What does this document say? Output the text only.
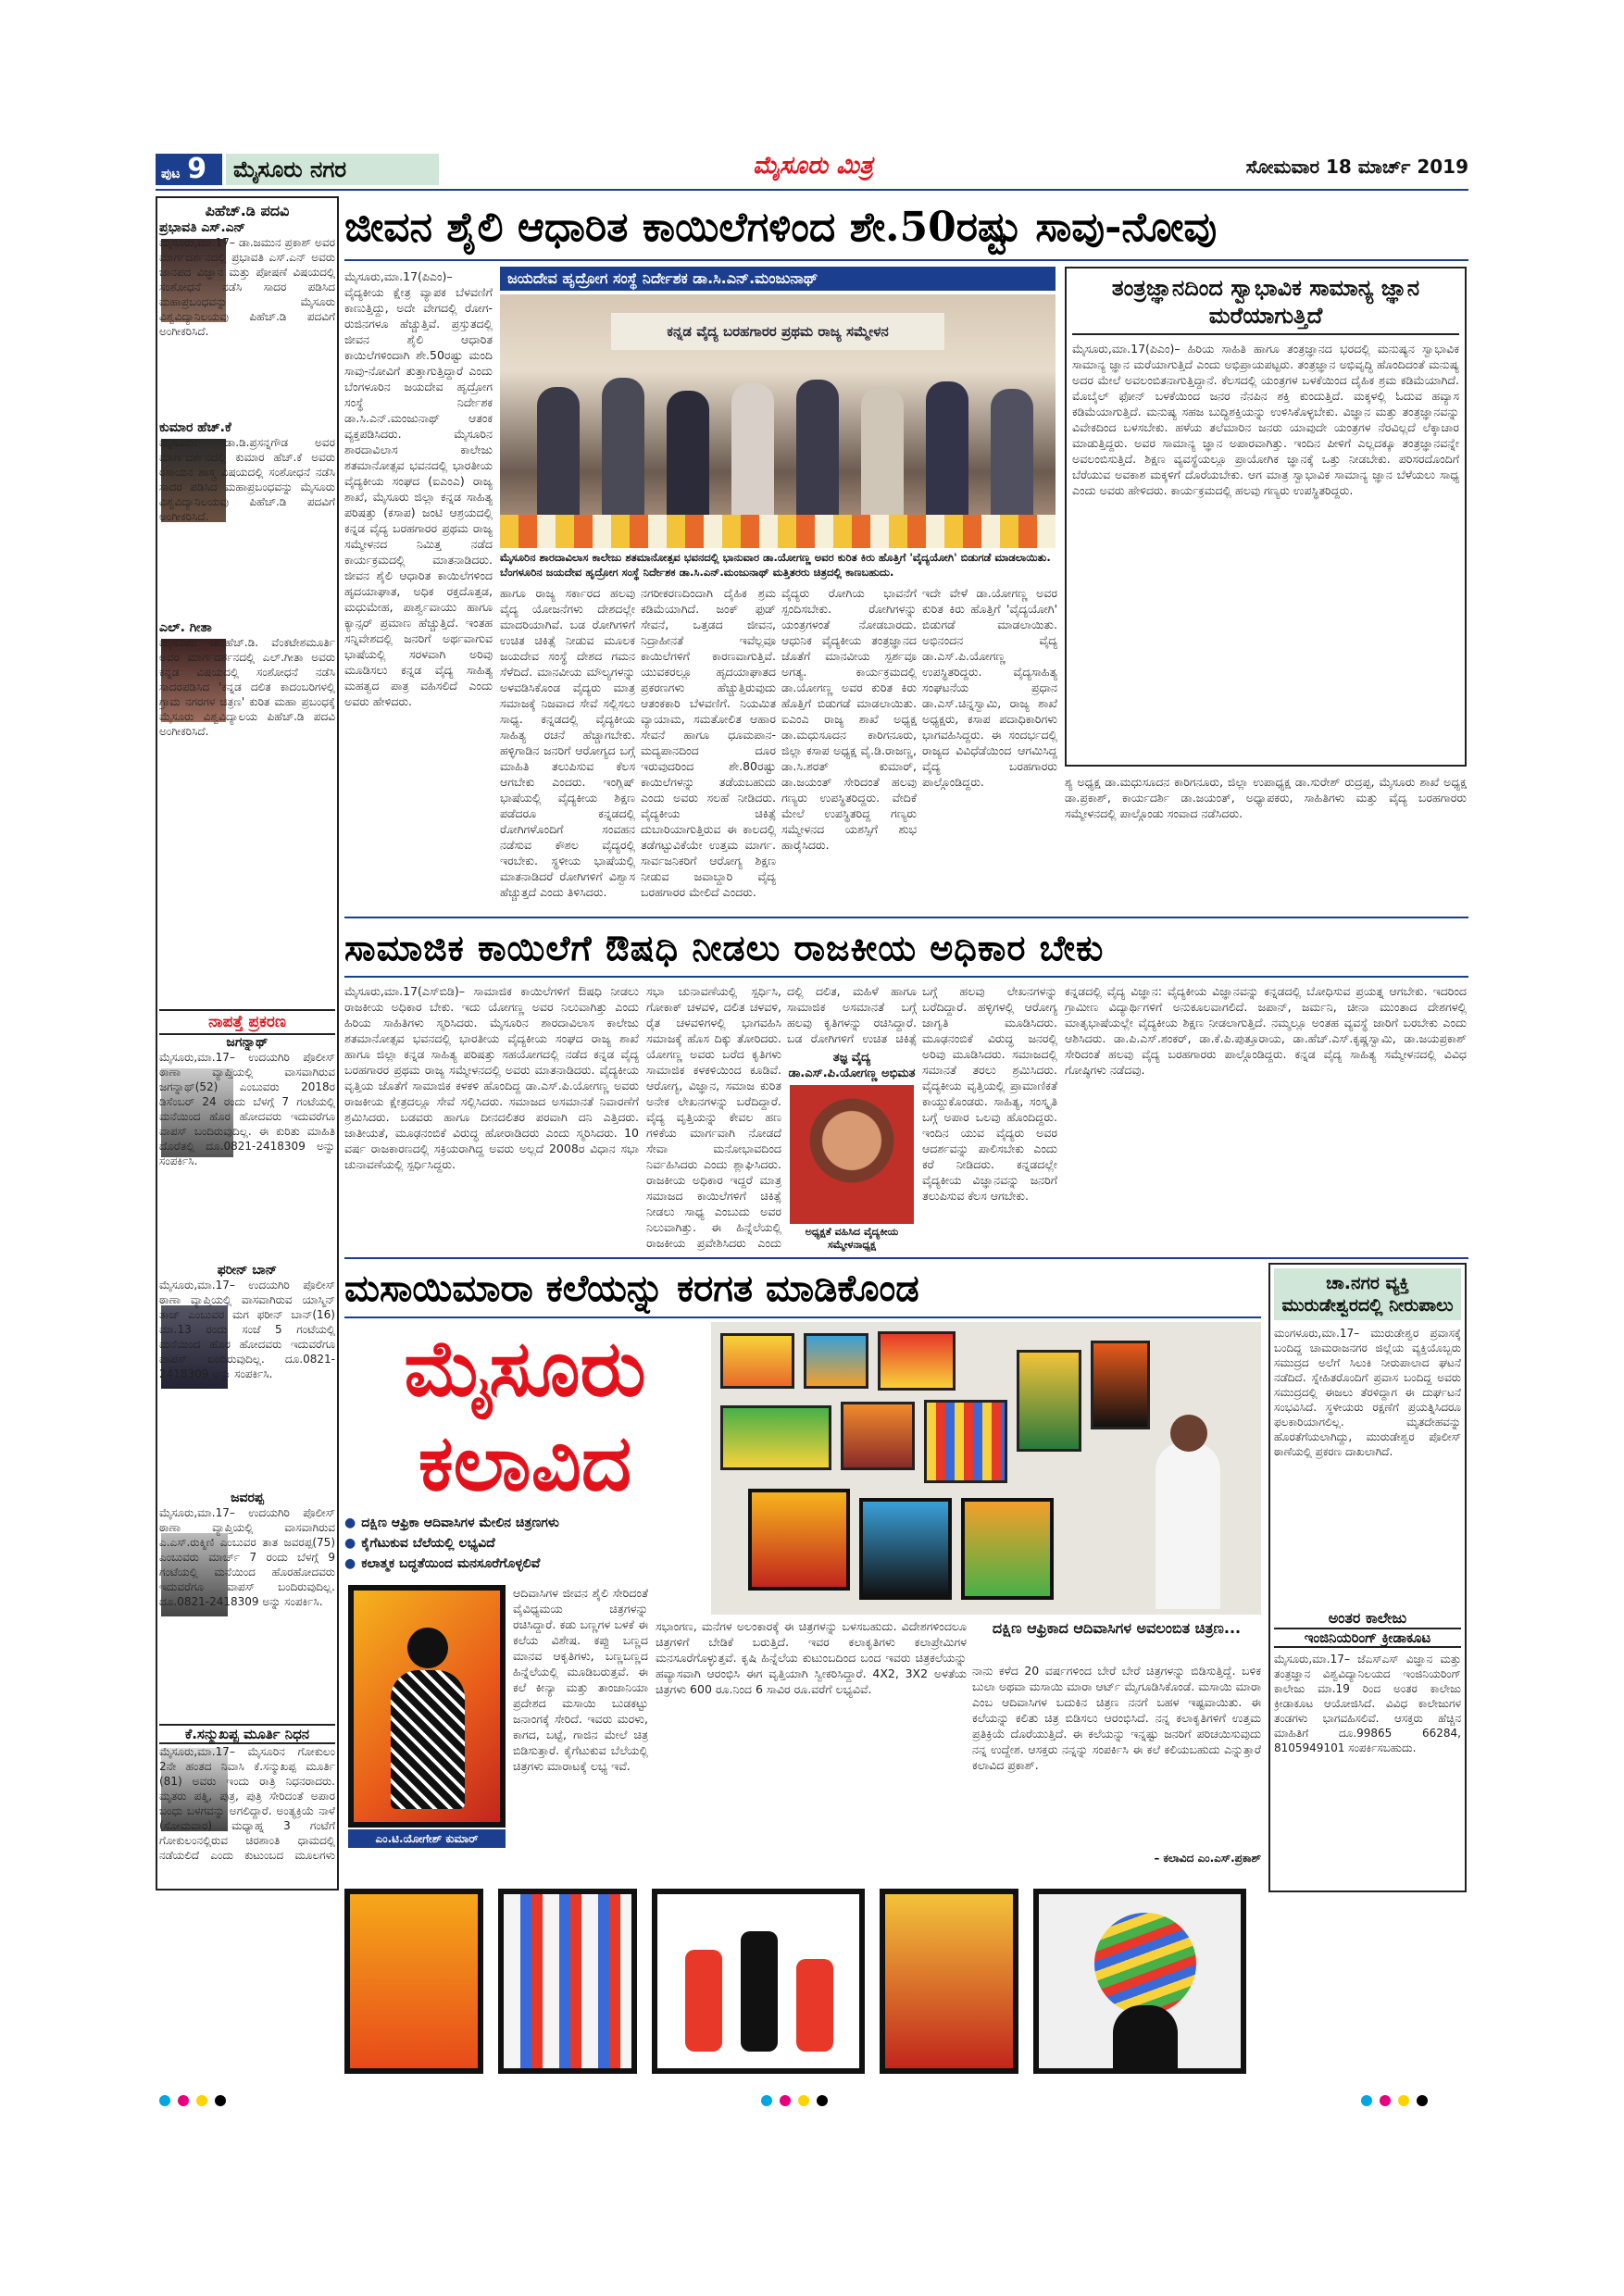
ಪುಟ 9	ಮೈಸೂರು ನಗರ	ಮೈಸೂರು ಮಿತ್ರ	ಸೋಮವಾರ 18 ಮಾರ್ಚ್ 2019
ಪಿಹೆಚ್.ಡಿ ಪದವಿ
ಪ್ರಭಾವತಿ ಎಸ್.ಎನ್
ಮೈಸೂರು,ಮಾ.17– ಡಾ.ಜಮುನ ಪ್ರಕಾಶ್ ಅವರ ಮಾರ್ಗದರ್ಶನದಲ್ಲಿ ಪ್ರಭಾವತಿ ಎಸ್.ಎನ್ ಅವರು ಜಾನಪದ ವಿಜ್ಞಾನ ಮತ್ತು ಪೋಷಣೆ ವಿಷಯದಲ್ಲಿ ಸಂಶೋಧನೆ ನಡೆಸಿ ಸಾದರ ಪಡಿಸಿದ ಮಹಾಪ್ರಬಂಧವನ್ನು ಮೈಸೂರು ವಿಶ್ವವಿದ್ಯಾನಿಲಯವು ಪಿಹೆಚ್.ಡಿ ಪದವಿಗೆ ಅಂಗೀಕರಿಸಿದೆ.
ಕುಮಾರ ಹೆಚ್.ಕೆ
ಮೈಸೂರು: ಡಾ.ಡಿ.ಪ್ರಸನ್ನಗೌಡ ಅವರ ಮಾರ್ಗದರ್ಶನದಲ್ಲಿ ಕುಮಾರ ಹೆಚ್.ಕೆ ಅವರು ರಸಾಯನ ಶಾಸ್ತ್ರ ವಿಷಯದಲ್ಲಿ ಸಂಶೋಧನೆ ನಡೆಸಿ ಸಾದರ ಪಡಿಸಿದ ಮಹಾಪ್ರಬಂಧವನ್ನು ಮೈಸೂರು ವಿಶ್ವವಿದ್ಯಾನಿಲಯವು ಪಿಹೆಚ್.ಡಿ ಪದವಿಗೆ ಅಂಗೀಕರಿಸಿದೆ.
ಎಲ್. ಗೀತಾ
ಮೈಸೂರು: ಡಾ.ಹೆಚ್.ಡಿ. ವೆಂಕಟೇಶಮೂರ್ತಿ ಅವರ ಮಾರ್ಗದರ್ಶನದಲ್ಲಿ ಎಲ್.ಗೀತಾ ಅವರು ಕನ್ನಡ ವಿಷಯದಲ್ಲಿ ಸಂಶೋಧನೆ ನಡೆಸಿ ಸಾದರಪಡಿಸಿದ 'ಕನ್ನಡ ದಲಿತ ಕಾದಂಬರಿಗಳಲ್ಲಿ ಗ್ರಾಮ ನಗರಗಳ ಚಿತ್ರಣ' ಕುರಿತ ಮಹಾ ಪ್ರಬಂಧಕ್ಕೆ ಮೈಸೂರು ವಿಶ್ವವಿದ್ಯಾಲಯ ಪಿಹೆಚ್.ಡಿ ಪದವಿ ಅಂಗೀಕರಿಸಿದೆ.
ನಾಪತ್ತೆ ಪ್ರಕರಣ
ಜಗನ್ನಾಥ್
ಮೈಸೂರು,ಮಾ.17– ಉದಯಗಿರಿ ಪೊಲೀಸ್ ಠಾಣಾ ವ್ಯಾಪ್ತಿಯಲ್ಲಿ ವಾಸವಾಗಿರುವ ಜಗನ್ನಾಥ್(52) ಎಂಬುವರು 2018ರ ಡಿಸೆಂಬರ್ 24 ರಂದು ಬೆಳಗ್ಗೆ 7 ಗಂಟೆಯಲ್ಲಿ ಮನೆಯಿಂದ ಹೊರ ಹೋದವರು ಇದುವರೆಗೂ ವಾಪಸ್ ಬಂದಿರುವುದಿಲ್ಲ. ಈ ಕುರಿತು ಮಾಹಿತಿ ದೊರೆತಲ್ಲಿ ದೂ.0821-2418309 ಅನ್ನು ಸಂಪರ್ಕಿಸಿ.
ಫರೀನ್ ಬಾನ್
ಮೈಸೂರು,ಮಾ.17– ಉದಯಗಿರಿ ಪೊಲೀಸ್ ಠಾಣಾ ವ್ಯಾಪ್ತಿಯಲ್ಲಿ ವಾಸವಾಗಿರುವ ಯಾಸ್ಮಿನ್ ತಾಜ್ ಎಂಬುವರ ಮಗ ಫರೀನ್ ಬಾನ್(16) ಮಾ.13 ರಂದು ಸಂಜೆ 5 ಗಂಟೆಯಲ್ಲಿ ಮನೆಯಿಂದ ಹೊರ ಹೋದವರು ಇದುವರೆಗೂ ವಾಪಸ್ ಬಂದಿರುವುದಿಲ್ಲ. ದೂ.0821-2418309 ಅನ್ನು ಸಂಪರ್ಕಿಸಿ.
ಜವರಪ್ಪ
ಮೈಸೂರು,ಮಾ.17– ಉದಯಗಿರಿ ಪೊಲೀಸ್ ಠಾಣಾ ವ್ಯಾಪ್ತಿಯಲ್ಲಿ ವಾಸವಾಗಿರುವ ಎ.ಎಸ್.ರುಕ್ಮಿಣಿ ಎಂಬುವರ ತಾತ ಜವರಪ್ಪ(75) ಎಂಬುವರು ಮಾರ್ಚ್ 7 ರಂದು ಬೆಳಗ್ಗೆ 9 ಗಂಟೆಯಲ್ಲಿ ಮನೆಯಿಂದ ಹೊರಹೋದವರು ಇದುವರೆಗೂ ವಾಪಸ್ ಬಂದಿರುವುದಿಲ್ಲ. ದೂ.0821-2418309 ಅನ್ನು ಸಂಪರ್ಕಿಸಿ.
ಕೆ.ಸನ್ಮುಖಪ್ಪ ಮೂರ್ತಿ ನಿಧನ
ಮೈಸೂರು,ಮಾ.17– ಮೈಸೂರಿನ ಗೋಕುಲಂ 2ನೇ ಹಂತದ ನಿವಾಸಿ ಕೆ.ಸನ್ಮುಖಪ್ಪ ಮೂರ್ತಿ (81) ಅವರು ಇಂದು ರಾತ್ರಿ ನಿಧನರಾದರು. ಮೃತರು ಪತ್ನಿ, ಪುತ್ರ, ಪುತ್ರಿ ಸೇರಿದಂತೆ ಅಪಾರ ಬಂಧು ಬಳಗವನ್ನು ಅಗಲಿದ್ದಾರೆ. ಅಂತ್ಯಕ್ರಿಯೆ ನಾಳೆ (ಸೋಮವಾರ) ಮಧ್ಯಾಹ್ನ 3 ಗಂಟೆಗೆ ಗೋಕುಲಂನಲ್ಲಿರುವ ಚಿರಶಾಂತಿ ಧಾಮದಲ್ಲಿ ನಡೆಯಲಿದೆ ಎಂದು ಕುಟುಂಬದ ಮೂಲಗಳು
ಜೀವನ ಶೈಲಿ ಆಧಾರಿತ ಕಾಯಿಲೆಗಳಿಂದ ಶೇ.50ರಷ್ಟು ಸಾವು-ನೋವು
ಮೈಸೂರು,ಮಾ.17(ಪಿಎಂ)– ವೈದ್ಯಕೀಯ ಕ್ಷೇತ್ರ ವ್ಯಾಪಕ ಬೆಳವಣಿಗೆ ಕಾಣುತ್ತಿದ್ದು, ಅದೇ ವೇಗದಲ್ಲಿ ರೋಗ-ರುಜಿನಗಳೂ ಹೆಚ್ಚುತ್ತಿವೆ. ಪ್ರಸ್ತುತದಲ್ಲಿ ಜೀವನ ಶೈಲಿ ಆಧಾರಿತ ಕಾಯಿಲೆಗಳಿಂದಾಗಿ ಶೇ.50ರಷ್ಟು ಮಂದಿ ಸಾವು-ನೋವಿಗೆ ತುತ್ತಾಗುತ್ತಿದ್ದಾರೆ ಎಂದು ಬೆಂಗಳೂರಿನ ಜಯದೇವ ಹೃದ್ರೋಗ ಸಂಸ್ಥೆ ನಿರ್ದೇಶಕ ಡಾ.ಸಿ.ಎನ್.ಮಂಜುನಾಥ್ ಆತಂಕ ವ್ಯಕ್ತಪಡಿಸಿದರು. ಮೈಸೂರಿನ ಶಾರದಾವಿಲಾಸ ಕಾಲೇಜು ಶತಮಾನೋತ್ಸವ ಭವನದಲ್ಲಿ ಭಾರತೀಯ ವೈದ್ಯಕೀಯ ಸಂಘದ (ಐಎಂಎ) ರಾಜ್ಯ ಶಾಖೆ, ಮೈಸೂರು ಜಿಲ್ಲಾ ಕನ್ನಡ ಸಾಹಿತ್ಯ ಪರಿಷತ್ತು (ಕಸಾಪ) ಜಂಟಿ ಆಶ್ರಯದಲ್ಲಿ ಕನ್ನಡ ವೈದ್ಯ ಬರಹಗಾರರ ಪ್ರಥಮ ರಾಜ್ಯ ಸಮ್ಮೇಳನದ ನಿಮಿತ್ತ ನಡೆದ ಕಾರ್ಯಕ್ರಮದಲ್ಲಿ ಮಾತನಾಡಿದರು. ಜೀವನ ಶೈಲಿ ಆಧಾರಿತ ಕಾಯಿಲೆಗಳಿಂದ ಹೃದಯಾಘಾತ, ಅಧಿಕ ರಕ್ತದೊತ್ತಡ, ಮಧುಮೇಹ, ಪಾರ್ಶ್ವವಾಯು ಹಾಗೂ ಕ್ಯಾನ್ಸರ್ ಪ್ರಮಾಣ ಹೆಚ್ಚುತ್ತಿದೆ. ಇಂತಹ ಸನ್ನಿವೇಶದಲ್ಲಿ ಜನರಿಗೆ ಅರ್ಥವಾಗುವ ಭಾಷೆಯಲ್ಲಿ ಸರಳವಾಗಿ ಅರಿವು ಮೂಡಿಸಲು ಕನ್ನಡ ವೈದ್ಯ ಸಾಹಿತ್ಯ ಮಹತ್ವದ ಪಾತ್ರ ವಹಿಸಲಿದೆ ಎಂದು ಅವರು ಹೇಳಿದರು.
ಜಯದೇವ ಹೃದ್ರೋಗ ಸಂಸ್ಥೆ ನಿರ್ದೇಶಕ ಡಾ.ಸಿ.ಎನ್.ಮಂಜುನಾಥ್
ಕನ್ನಡ ವೈದ್ಯ ಬರಹಗಾರರ ಪ್ರಥಮ ರಾಜ್ಯ ಸಮ್ಮೇಳನ
ಮೈಸೂರಿನ ಶಾರದಾವಿಲಾಸ ಕಾಲೇಜು ಶತಮಾನೋತ್ಸವ ಭವನದಲ್ಲಿ ಭಾನುವಾರ ಡಾ.ಯೋಗಣ್ಣ ಅವರ ಕುರಿತ ಕಿರು ಹೊತ್ತಿಗೆ 'ವೈದ್ಯಯೋಗಿ' ಬಿಡುಗಡೆ ಮಾಡಲಾಯಿತು. ಬೆಂಗಳೂರಿನ ಜಯದೇವ ಹೃದ್ರೋಗ ಸಂಸ್ಥೆ ನಿರ್ದೇಶಕ ಡಾ.ಸಿ.ಎನ್.ಮಂಜುನಾಥ್ ಮತ್ತಿತರರು ಚಿತ್ರದಲ್ಲಿ ಕಾಣಬಹುದು.
ಹಾಗೂ ರಾಜ್ಯ ಸರ್ಕಾರದ ಹಲವು ವೈದ್ಯ ಯೋಜನೆಗಳು ದೇಶದಲ್ಲೇ ಮಾದರಿಯಾಗಿವೆ. ಬಡ ರೋಗಿಗಳಿಗೆ ಉಚಿತ ಚಿಕಿತ್ಸೆ ನೀಡುವ ಮೂಲಕ ಜಯದೇವ ಸಂಸ್ಥೆ ದೇಶದ ಗಮನ ಸೆಳೆದಿದೆ. ಮಾನವೀಯ ಮೌಲ್ಯಗಳನ್ನು ಅಳವಡಿಸಿಕೊಂಡ ವೈದ್ಯರು ಮಾತ್ರ ಸಮಾಜಕ್ಕೆ ನಿಜವಾದ ಸೇವೆ ಸಲ್ಲಿಸಲು ಸಾಧ್ಯ. ಕನ್ನಡದಲ್ಲಿ ವೈದ್ಯಕೀಯ ಸಾಹಿತ್ಯ ರಚನೆ ಹೆಚ್ಚಾಗಬೇಕು. ಹಳ್ಳಿಗಾಡಿನ ಜನರಿಗೆ ಆರೋಗ್ಯದ ಬಗ್ಗೆ ಮಾಹಿತಿ ತಲುಪಿಸುವ ಕೆಲಸ ಆಗಬೇಕು ಎಂದರು. ಇಂಗ್ಲಿಷ್ ಭಾಷೆಯಲ್ಲಿ ವೈದ್ಯಕೀಯ ಶಿಕ್ಷಣ ಪಡೆದರೂ ಕನ್ನಡದಲ್ಲಿ ರೋಗಿಗಳೊಂದಿಗೆ ಸಂವಹನ ನಡೆಸುವ ಕೌಶಲ ವೈದ್ಯರಲ್ಲಿ ಇರಬೇಕು. ಸ್ಥಳೀಯ ಭಾಷೆಯಲ್ಲಿ ಮಾತನಾಡಿದರೆ ರೋಗಿಗಳಿಗೆ ವಿಶ್ವಾಸ ಹೆಚ್ಚುತ್ತದೆ ಎಂದು ತಿಳಿಸಿದರು.
ನಗರೀಕರಣದಿಂದಾಗಿ ದೈಹಿಕ ಶ್ರಮ ಕಡಿಮೆಯಾಗಿದೆ. ಜಂಕ್ ಫುಡ್ ಸೇವನೆ, ಒತ್ತಡದ ಜೀವನ, ನಿದ್ರಾಹೀನತೆ ಇವೆಲ್ಲವೂ ಕಾಯಿಲೆಗಳಿಗೆ ಕಾರಣವಾಗುತ್ತಿವೆ. ಯುವಕರಲ್ಲೂ ಹೃದಯಾಘಾತದ ಪ್ರಕರಣಗಳು ಹೆಚ್ಚುತ್ತಿರುವುದು ಆತಂಕಕಾರಿ ಬೆಳವಣಿಗೆ. ನಿಯಮಿತ ವ್ಯಾಯಾಮ, ಸಮತೋಲಿತ ಆಹಾರ ಸೇವನೆ ಹಾಗೂ ಧೂಮಪಾನ-ಮದ್ಯಪಾನದಿಂದ ದೂರ ಇರುವುದರಿಂದ ಶೇ.80ರಷ್ಟು ಕಾಯಿಲೆಗಳನ್ನು ತಡೆಯಬಹುದು ಎಂದು ಅವರು ಸಲಹೆ ನೀಡಿದರು. ವೈದ್ಯಕೀಯ ಚಿಕಿತ್ಸೆ ದುಬಾರಿಯಾಗುತ್ತಿರುವ ಈ ಕಾಲದಲ್ಲಿ ತಡೆಗಟ್ಟುವಿಕೆಯೇ ಉತ್ತಮ ಮಾರ್ಗ. ಸಾರ್ವಜನಿಕರಿಗೆ ಆರೋಗ್ಯ ಶಿಕ್ಷಣ ನೀಡುವ ಜವಾಬ್ದಾರಿ ವೈದ್ಯ ಬರಹಗಾರರ ಮೇಲಿದೆ ಎಂದರು.
ವೈದ್ಯರು ರೋಗಿಯ ಭಾವನೆಗೆ ಸ್ಪಂದಿಸಬೇಕು. ರೋಗಿಗಳನ್ನು ಯಂತ್ರಗಳಂತೆ ನೋಡಬಾರದು. ಆಧುನಿಕ ವೈದ್ಯಕೀಯ ತಂತ್ರಜ್ಞಾನದ ಜೊತೆಗೆ ಮಾನವೀಯ ಸ್ಪರ್ಶವೂ ಅಗತ್ಯ. ಕಾರ್ಯಕ್ರಮದಲ್ಲಿ ಡಾ.ಯೋಗಣ್ಣ ಅವರ ಕುರಿತ ಕಿರು ಹೊತ್ತಿಗೆ ಬಿಡುಗಡೆ ಮಾಡಲಾಯಿತು. ಐಎಂಎ ರಾಜ್ಯ ಶಾಖೆ ಅಧ್ಯಕ್ಷ ಡಾ.ಮಧುಸೂದನ ಕಾರಿಗನೂರು, ಜಿಲ್ಲಾ ಕಸಾಪ ಅಧ್ಯಕ್ಷ ವೈ.ಡಿ.ರಾಜಣ್ಣ, ಡಾ.ಸಿ.ಶರತ್ ಕುಮಾರ್, ಡಾ.ಜಯಂತ್ ಸೇರಿದಂತೆ ಹಲವು ಗಣ್ಯರು ಉಪಸ್ಥಿತರಿದ್ದರು. ವೇದಿಕೆ ಮೇಲೆ ಉಪಸ್ಥಿತರಿದ್ದ ಗಣ್ಯರು ಸಮ್ಮೇಳನದ ಯಶಸ್ಸಿಗೆ ಶುಭ ಹಾರೈಸಿದರು.
ಇದೇ ವೇಳೆ ಡಾ.ಯೋಗಣ್ಣ ಅವರ ಕುರಿತ ಕಿರು ಹೊತ್ತಿಗೆ 'ವೈದ್ಯಯೋಗಿ' ಬಿಡುಗಡೆ ಮಾಡಲಾಯಿತು. ಅಭಿನಂದನ ವೈದ್ಯ ಡಾ.ಎಸ್.ಪಿ.ಯೋಗಣ್ಣ ಉಪಸ್ಥಿತರಿದ್ದರು. ವೈದ್ಯಸಾಹಿತ್ಯ ಸಂಘಟನೆಯ ಪ್ರಧಾನ ಡಾ.ಎಸ್.ಚಿನ್ನಸ್ವಾಮಿ, ರಾಜ್ಯ ಶಾಖೆ ಅಧ್ಯಕ್ಷರು, ಕಸಾಪ ಪದಾಧಿಕಾರಿಗಳು ಭಾಗವಹಿಸಿದ್ದರು. ಈ ಸಂದರ್ಭದಲ್ಲಿ ರಾಜ್ಯದ ವಿವಿಧೆಡೆಯಿಂದ ಆಗಮಿಸಿದ್ದ ವೈದ್ಯ ಬರಹಗಾರರು ಪಾಲ್ಗೊಂಡಿದ್ದರು.
ತಂತ್ರಜ್ಞಾನದಿಂದ ಸ್ವಾಭಾವಿಕ ಸಾಮಾನ್ಯ ಜ್ಞಾನ ಮರೆಯಾಗುತ್ತಿದೆ
ಮೈಸೂರು,ಮಾ.17(ಪಿಎಂ)– ಹಿರಿಯ ಸಾಹಿತಿ ಹಾಗೂ ತಂತ್ರಜ್ಞಾನದ ಭರದಲ್ಲಿ ಮನುಷ್ಯನ ಸ್ವಾಭಾವಿಕ ಸಾಮಾನ್ಯ ಜ್ಞಾನ ಮರೆಯಾಗುತ್ತಿದೆ ಎಂದು ಅಭಿಪ್ರಾಯಪಟ್ಟರು. ತಂತ್ರಜ್ಞಾನ ಅಭಿವೃದ್ಧಿ ಹೊಂದಿದಂತೆ ಮನುಷ್ಯ ಅದರ ಮೇಲೆ ಅವಲಂಬಿತನಾಗುತ್ತಿದ್ದಾನೆ. ಕೆಲಸದಲ್ಲಿ ಯಂತ್ರಗಳ ಬಳಕೆಯಿಂದ ದೈಹಿಕ ಶ್ರಮ ಕಡಿಮೆಯಾಗಿದೆ. ಮೊಬೈಲ್ ಫೋನ್ ಬಳಕೆಯಿಂದ ಜನರ ನೆನಪಿನ ಶಕ್ತಿ ಕುಂದುತ್ತಿದೆ. ಮಕ್ಕಳಲ್ಲಿ ಓದುವ ಹವ್ಯಾಸ ಕಡಿಮೆಯಾಗುತ್ತಿದೆ. ಮನುಷ್ಯ ಸಹಜ ಬುದ್ಧಿಶಕ್ತಿಯನ್ನು ಉಳಿಸಿಕೊಳ್ಳಬೇಕು. ವಿಜ್ಞಾನ ಮತ್ತು ತಂತ್ರಜ್ಞಾನವನ್ನು ವಿವೇಕದಿಂದ ಬಳಸಬೇಕು. ಹಳೆಯ ತಲೆಮಾರಿನ ಜನರು ಯಾವುದೇ ಯಂತ್ರಗಳ ನೆರವಿಲ್ಲದೆ ಲೆಕ್ಕಾಚಾರ ಮಾಡುತ್ತಿದ್ದರು. ಅವರ ಸಾಮಾನ್ಯ ಜ್ಞಾನ ಅಪಾರವಾಗಿತ್ತು. ಇಂದಿನ ಪೀಳಿಗೆ ಎಲ್ಲದಕ್ಕೂ ತಂತ್ರಜ್ಞಾನವನ್ನೇ ಅವಲಂಬಿಸುತ್ತಿದೆ. ಶಿಕ್ಷಣ ವ್ಯವಸ್ಥೆಯಲ್ಲೂ ಪ್ರಾಯೋಗಿಕ ಜ್ಞಾನಕ್ಕೆ ಒತ್ತು ನೀಡಬೇಕು. ಪರಿಸರದೊಂದಿಗೆ ಬೆರೆಯುವ ಅವಕಾಶ ಮಕ್ಕಳಿಗೆ ದೊರೆಯಬೇಕು. ಆಗ ಮಾತ್ರ ಸ್ವಾಭಾವಿಕ ಸಾಮಾನ್ಯ ಜ್ಞಾನ ಬೆಳೆಯಲು ಸಾಧ್ಯ ಎಂದು ಅವರು ಹೇಳಿದರು. ಕಾರ್ಯಕ್ರಮದಲ್ಲಿ ಹಲವು ಗಣ್ಯರು ಉಪಸ್ಥಿತರಿದ್ದರು.
ಶ್ಯ ಅಧ್ಯಕ್ಷ ಡಾ.ಮಧುಸೂದನ ಕಾರಿಗನೂರು, ಜಿಲ್ಲಾ ಉಪಾಧ್ಯಕ್ಷ ಡಾ.ಸುರೇಶ್ ರುದ್ರಪ್ಪ, ಮೈಸೂರು ಶಾಖೆ ಅಧ್ಯಕ್ಷ ಡಾ.ಪ್ರಕಾಶ್, ಕಾರ್ಯದರ್ಶಿ ಡಾ.ಜಯಂತ್, ಅಧ್ಯಾಪಕರು, ಸಾಹಿತಿಗಳು ಮತ್ತು ವೈದ್ಯ ಬರಹಗಾರರು ಸಮ್ಮೇಳನದಲ್ಲಿ ಪಾಲ್ಗೊಂಡು ಸಂವಾದ ನಡೆಸಿದರು.
ಸಾಮಾಜಿಕ ಕಾಯಿಲೆಗೆ ಔಷಧಿ ನೀಡಲು ರಾಜಕೀಯ ಅಧಿಕಾರ ಬೇಕು
ಮೈಸೂರು,ಮಾ.17(ಎಸ್‌ಬಿಡಿ)– ಸಾಮಾಜಿಕ ಕಾಯಿಲೆಗಳಿಗೆ ಔಷಧಿ ನೀಡಲು ರಾಜಕೀಯ ಅಧಿಕಾರ ಬೇಕು. ಇದು ಯೋಗಣ್ಣ ಅವರ ನಿಲುವಾಗಿತ್ತು ಎಂದು ಹಿರಿಯ ಸಾಹಿತಿಗಳು ಸ್ಮರಿಸಿದರು. ಮೈಸೂರಿನ ಶಾರದಾವಿಲಾಸ ಕಾಲೇಜು ಶತಮಾನೋತ್ಸವ ಭವನದಲ್ಲಿ ಭಾರತೀಯ ವೈದ್ಯಕೀಯ ಸಂಘದ ರಾಜ್ಯ ಶಾಖೆ ಹಾಗೂ ಜಿಲ್ಲಾ ಕನ್ನಡ ಸಾಹಿತ್ಯ ಪರಿಷತ್ತು ಸಹಯೋಗದಲ್ಲಿ ನಡೆದ ಕನ್ನಡ ವೈದ್ಯ ಬರಹಗಾರರ ಪ್ರಥಮ ರಾಜ್ಯ ಸಮ್ಮೇಳನದಲ್ಲಿ ಅವರು ಮಾತನಾಡಿದರು. ವೈದ್ಯಕೀಯ ವೃತ್ತಿಯ ಜೊತೆಗೆ ಸಾಮಾಜಿಕ ಕಳಕಳಿ ಹೊಂದಿದ್ದ ಡಾ.ಎಸ್.ಪಿ.ಯೋಗಣ್ಣ ಅವರು ರಾಜಕೀಯ ಕ್ಷೇತ್ರದಲ್ಲೂ ಸೇವೆ ಸಲ್ಲಿಸಿದರು. ಸಮಾಜದ ಅಸಮಾನತೆ ನಿವಾರಣೆಗೆ ಶ್ರಮಿಸಿದರು. ಬಡವರು ಹಾಗೂ ದೀನದಲಿತರ ಪರವಾಗಿ ದನಿ ಎತ್ತಿದರು. ಜಾತೀಯತೆ, ಮೂಢನಂಬಿಕೆ ವಿರುದ್ಧ ಹೋರಾಡಿದರು ಎಂದು ಸ್ಮರಿಸಿದರು. 10 ವರ್ಷ ರಾಜಕಾರಣದಲ್ಲಿ ಸಕ್ರಿಯರಾಗಿದ್ದ ಅವರು ಅಲ್ಲದೆ 2008ರ ವಿಧಾನ ಸಭಾ ಚುನಾವಣೆಯಲ್ಲಿ ಸ್ಪರ್ಧಿಸಿದ್ದರು.
ಸಭಾ ಚುನಾವಣೆಯಲ್ಲಿ ಸ್ಪರ್ಧಿಸಿ, ಗೋಕಾಕ್ ಚಳವಳಿ, ದಲಿತ ಚಳವಳಿ, ರೈತ ಚಳವಳಿಗಳಲ್ಲಿ ಭಾಗವಹಿಸಿ ಸಮಾಜಕ್ಕೆ ಹೊಸ ದಿಕ್ಕು ತೋರಿದರು. ಯೋಗಣ್ಣ ಅವರು ಬರೆದ ಕೃತಿಗಳು ಸಾಮಾಜಿಕ ಕಳಕಳಿಯಿಂದ ಕೂಡಿವೆ. ಆರೋಗ್ಯ, ವಿಜ್ಞಾನ, ಸಮಾಜ ಕುರಿತ ಅನೇಕ ಲೇಖನಗಳನ್ನು ಬರೆದಿದ್ದಾರೆ. ವೈದ್ಯ ವೃತ್ತಿಯನ್ನು ಕೇವಲ ಹಣ ಗಳಿಕೆಯ ಮಾರ್ಗವಾಗಿ ನೋಡದೆ ಸೇವಾ ಮನೋಭಾವದಿಂದ ನಿರ್ವಹಿಸಿದರು ಎಂದು ಶ್ಲಾಘಿಸಿದರು. ರಾಜಕೀಯ ಅಧಿಕಾರ ಇದ್ದರೆ ಮಾತ್ರ ಸಮಾಜದ ಕಾಯಿಲೆಗಳಿಗೆ ಚಿಕಿತ್ಸೆ ನೀಡಲು ಸಾಧ್ಯ ಎಂಬುದು ಅವರ ನಿಲುವಾಗಿತ್ತು. ಈ ಹಿನ್ನೆಲೆಯಲ್ಲಿ ರಾಜಕೀಯ ಪ್ರವೇಶಿಸಿದರು ಎಂದು
ದಲ್ಲಿ ದಲಿತ, ಮಹಿಳೆ ಹಾಗೂ ಸಾಮಾಜಿಕ ಅಸಮಾನತೆ ಬಗ್ಗೆ ಹಲವು ಕೃತಿಗಳನ್ನು ರಚಿಸಿದ್ದಾರೆ. ಬಡ ರೋಗಿಗಳಿಗೆ ಉಚಿತ ಚಿಕಿತ್ಸೆ
ತಜ್ಞ ವೈದ್ಯ ಡಾ.ಎಸ್.ಪಿ.ಯೋಗಣ್ಣ ಅಭಿಮತ
ಅಧ್ಯಕ್ಷತೆ ವಹಿಸಿದ ವೈದ್ಯಕೀಯ ಸಮ್ಮೇಳನಾಧ್ಯಕ್ಷ
ಬಗ್ಗೆ ಹಲವು ಲೇಖನಗಳನ್ನು ಬರೆದಿದ್ದಾರೆ. ಹಳ್ಳಿಗಳಲ್ಲಿ ಆರೋಗ್ಯ ಜಾಗೃತಿ ಮೂಡಿಸಿದರು. ಮೂಢನಂಬಿಕೆ ವಿರುದ್ಧ ಜನರಲ್ಲಿ ಅರಿವು ಮೂಡಿಸಿದರು. ಸಮಾಜದಲ್ಲಿ ಸಮಾನತೆ ತರಲು ಶ್ರಮಿಸಿದರು. ವೈದ್ಯಕೀಯ ವೃತ್ತಿಯಲ್ಲಿ ಪ್ರಾಮಾಣಿಕತೆ ಕಾಯ್ದುಕೊಂಡರು. ಸಾಹಿತ್ಯ, ಸಂಸ್ಕೃತಿ ಬಗ್ಗೆ ಅಪಾರ ಒಲವು ಹೊಂದಿದ್ದರು. ಇಂದಿನ ಯುವ ವೈದ್ಯರು ಅವರ ಆದರ್ಶವನ್ನು ಪಾಲಿಸಬೇಕು ಎಂದು ಕರೆ ನೀಡಿದರು. ಕನ್ನಡದಲ್ಲೇ ವೈದ್ಯಕೀಯ ವಿಜ್ಞಾನವನ್ನು ಜನರಿಗೆ ತಲುಪಿಸುವ ಕೆಲಸ ಆಗಬೇಕು.
ಕನ್ನಡದಲ್ಲಿ ವೈದ್ಯ ವಿಜ್ಞಾನ: ವೈದ್ಯಕೀಯ ವಿಜ್ಞಾನವನ್ನು ಕನ್ನಡದಲ್ಲಿ ಬೋಧಿಸುವ ಪ್ರಯತ್ನ ಆಗಬೇಕು. ಇದರಿಂದ ಗ್ರಾಮೀಣ ವಿದ್ಯಾರ್ಥಿಗಳಿಗೆ ಅನುಕೂಲವಾಗಲಿದೆ. ಜಪಾನ್, ಜರ್ಮನಿ, ಚೀನಾ ಮುಂತಾದ ದೇಶಗಳಲ್ಲಿ ಮಾತೃಭಾಷೆಯಲ್ಲೇ ವೈದ್ಯಕೀಯ ಶಿಕ್ಷಣ ನೀಡಲಾಗುತ್ತಿದೆ. ನಮ್ಮಲ್ಲೂ ಅಂತಹ ವ್ಯವಸ್ಥೆ ಜಾರಿಗೆ ಬರಬೇಕು ಎಂದು ಆಶಿಸಿದರು. ಡಾ.ಪಿ.ಎಸ್.ಶಂಕರ್, ಡಾ.ಕೆ.ಪಿ.ಪುತ್ತೂರಾಯ, ಡಾ.ಹೆಚ್.ಎಸ್.ಕೃಷ್ಣಸ್ವಾಮಿ, ಡಾ.ಜಯಪ್ರಕಾಶ್ ಸೇರಿದಂತೆ ಹಲವು ವೈದ್ಯ ಬರಹಗಾರರು ಪಾಲ್ಗೊಂಡಿದ್ದರು. ಕನ್ನಡ ವೈದ್ಯ ಸಾಹಿತ್ಯ ಸಮ್ಮೇಳನದಲ್ಲಿ ವಿವಿಧ ಗೋಷ್ಠಿಗಳು ನಡೆದವು.
ಮಸಾಯಿಮಾರಾ ಕಲೆಯನ್ನು ಕರಗತ ಮಾಡಿಕೊಂಡ
ಮೈಸೂರು
ಕಲಾವಿದ
● ದಕ್ಷಿಣ ಆಫ್ರಿಕಾ ಆದಿವಾಸಿಗಳ ಮೇಲಿನ ಚಿತ್ರಣಗಳು
● ಕೈಗೆಟುಕುವ ಬೆಲೆಯಲ್ಲಿ ಲಭ್ಯವಿದೆ
● ಕಲಾತ್ಮಕ ಬದ್ಧತೆಯಿಂದ ಮನಸೂರೆಗೊಳ್ಳಲಿವೆ
ಎಂ.ಟಿ.ಯೋಗೇಶ್ ಕುಮಾರ್
ಆದಿವಾಸಿಗಳ ಜೀವನ ಶೈಲಿ ಸೇರಿದಂತೆ ವೈವಿಧ್ಯಮಯ ಚಿತ್ರಗಳನ್ನು ರಚಿಸಿದ್ದಾರೆ. ಕಡು ಬಣ್ಣಗಳ ಬಳಕೆ ಈ ಕಲೆಯ ವಿಶೇಷ. ಕಪ್ಪು ಬಣ್ಣದ ಮಾನವ ಆಕೃತಿಗಳು, ಬಣ್ಣಬಣ್ಣದ ಹಿನ್ನೆಲೆಯಲ್ಲಿ ಮೂಡಿಬರುತ್ತವೆ. ಈ ಕಲೆ ಕೀನ್ಯಾ ಮತ್ತು ತಾಂಜಾನಿಯಾ ಪ್ರದೇಶದ ಮಸಾಯಿ ಬುಡಕಟ್ಟು ಜನಾಂಗಕ್ಕೆ ಸೇರಿದೆ. ಇವರು ಮರಳು, ಕಾಗದ, ಬಟ್ಟೆ, ಗಾಜಿನ ಮೇಲೆ ಚಿತ್ರ ಬಿಡಿಸುತ್ತಾರೆ. ಕೈಗೆಟುಕುವ ಬೆಲೆಯಲ್ಲಿ ಚಿತ್ರಗಳು ಮಾರಾಟಕ್ಕೆ ಲಭ್ಯ ಇವೆ.
ದಕ್ಷಿಣ ಆಫ್ರಿಕಾದ ಆದಿವಾಸಿಗಳ ಅವಲಂಬಿತ ಚಿತ್ರಣ...
ಸಭಾಂಗಣ, ಮನೆಗಳ ಅಲಂಕಾರಕ್ಕೆ ಈ ಚಿತ್ರಗಳನ್ನು ಬಳಸಬಹುದು. ವಿದೇಶಗಳಿಂದಲೂ ಚಿತ್ರಗಳಿಗೆ ಬೇಡಿಕೆ ಬರುತ್ತಿದೆ. ಇವರ ಕಲಾಕೃತಿಗಳು ಕಲಾಪ್ರೇಮಿಗಳ ಮನಸೂರೆಗೊಳ್ಳುತ್ತವೆ. ಕೃಷಿ ಹಿನ್ನೆಲೆಯ ಕುಟುಂಬದಿಂದ ಬಂದ ಇವರು ಚಿತ್ರಕಲೆಯನ್ನು ಹವ್ಯಾಸವಾಗಿ ಆರಂಭಿಸಿ ಈಗ ವೃತ್ತಿಯಾಗಿ ಸ್ವೀಕರಿಸಿದ್ದಾರೆ. 4X2, 3X2 ಅಳತೆಯ ಚಿತ್ರಗಳು 600 ರೂ.ನಿಂದ 6 ಸಾವಿರ ರೂ.ವರೆಗೆ ಲಭ್ಯವಿವೆ.
ನಾನು ಕಳೆದ 20 ವರ್ಷಗಳಿಂದ ಬೇರೆ ಬೇರೆ ಚಿತ್ರಗಳನ್ನು ಬಿಡಿಸುತ್ತಿದ್ದೆ. ಬಳಿಕ ಬುಲಾ ಅಥವಾ ಮಸಾಯಿ ಮಾರಾ ಆರ್ಟ್ ಮೈಗೂಡಿಸಿಕೊಂಡೆ. ಮಸಾಯಿ ಮಾರಾ ಎಂಬ ಆದಿವಾಸಿಗಳ ಬದುಕಿನ ಚಿತ್ರಣ ನನಗೆ ಬಹಳ ಇಷ್ಟವಾಯಿತು. ಈ ಕಲೆಯನ್ನು ಕಲಿತು ಚಿತ್ರ ಬಿಡಿಸಲು ಆರಂಭಿಸಿದೆ. ನನ್ನ ಕಲಾಕೃತಿಗಳಿಗೆ ಉತ್ತಮ ಪ್ರತಿಕ್ರಿಯೆ ದೊರೆಯುತ್ತಿದೆ. ಈ ಕಲೆಯನ್ನು ಇನ್ನಷ್ಟು ಜನರಿಗೆ ಪರಿಚಯಿಸುವುದು ನನ್ನ ಉದ್ದೇಶ. ಆಸಕ್ತರು ನನ್ನನ್ನು ಸಂಪರ್ಕಿಸಿ ಈ ಕಲೆ ಕಲಿಯಬಹುದು ಎನ್ನುತ್ತಾರೆ ಕಲಾವಿದ ಪ್ರಕಾಶ್.
– ಕಲಾವಿದ ಎಂ.ಎಸ್.ಪ್ರಕಾಶ್
ಚಾ.ನಗರ ವ್ಯಕ್ತಿ ಮುರುಡೇಶ್ವರದಲ್ಲಿ ನೀರುಪಾಲು
ಮಂಗಳೂರು,ಮಾ.17– ಮುರುಡೇಶ್ವರ ಪ್ರವಾಸಕ್ಕೆ ಬಂದಿದ್ದ ಚಾಮರಾಜನಗರ ಜಿಲ್ಲೆಯ ವ್ಯಕ್ತಿಯೊಬ್ಬರು ಸಮುದ್ರದ ಅಲೆಗೆ ಸಿಲುಕಿ ನೀರುಪಾಲಾದ ಘಟನೆ ನಡೆದಿದೆ. ಸ್ನೇಹಿತರೊಂದಿಗೆ ಪ್ರವಾಸ ಬಂದಿದ್ದ ಅವರು ಸಮುದ್ರದಲ್ಲಿ ಈಜಲು ತೆರಳಿದ್ದಾಗ ಈ ದುರ್ಘಟನೆ ಸಂಭವಿಸಿದೆ. ಸ್ಥಳೀಯರು ರಕ್ಷಣೆಗೆ ಪ್ರಯತ್ನಿಸಿದರೂ ಫಲಕಾರಿಯಾಗಲಿಲ್ಲ. ಮೃತದೇಹವನ್ನು ಹೊರತೆಗೆಯಲಾಗಿದ್ದು, ಮುರುಡೇಶ್ವರ ಪೊಲೀಸ್ ಠಾಣೆಯಲ್ಲಿ ಪ್ರಕರಣ ದಾಖಲಾಗಿದೆ.
ಅಂತರ ಕಾಲೇಜು
ಇಂಜಿನಿಯರಿಂಗ್ ಕ್ರೀಡಾಕೂಟ
ಮೈಸೂರು,ಮಾ.17– ಜೆಎಸ್‌ಎಸ್ ವಿಜ್ಞಾನ ಮತ್ತು ತಂತ್ರಜ್ಞಾನ ವಿಶ್ವವಿದ್ಯಾನಿಲಯದ ಇಂಜಿನಿಯರಿಂಗ್ ಕಾಲೇಜು ಮಾ.19 ರಿಂದ ಅಂತರ ಕಾಲೇಜು ಕ್ರೀಡಾಕೂಟ ಆಯೋಜಿಸಿದೆ. ವಿವಿಧ ಕಾಲೇಜುಗಳ ತಂಡಗಳು ಭಾಗವಹಿಸಲಿವೆ. ಆಸಕ್ತರು ಹೆಚ್ಚಿನ ಮಾಹಿತಿಗೆ ದೂ.99865 66284, 8105949101 ಸಂಪರ್ಕಿಸಬಹುದು.
